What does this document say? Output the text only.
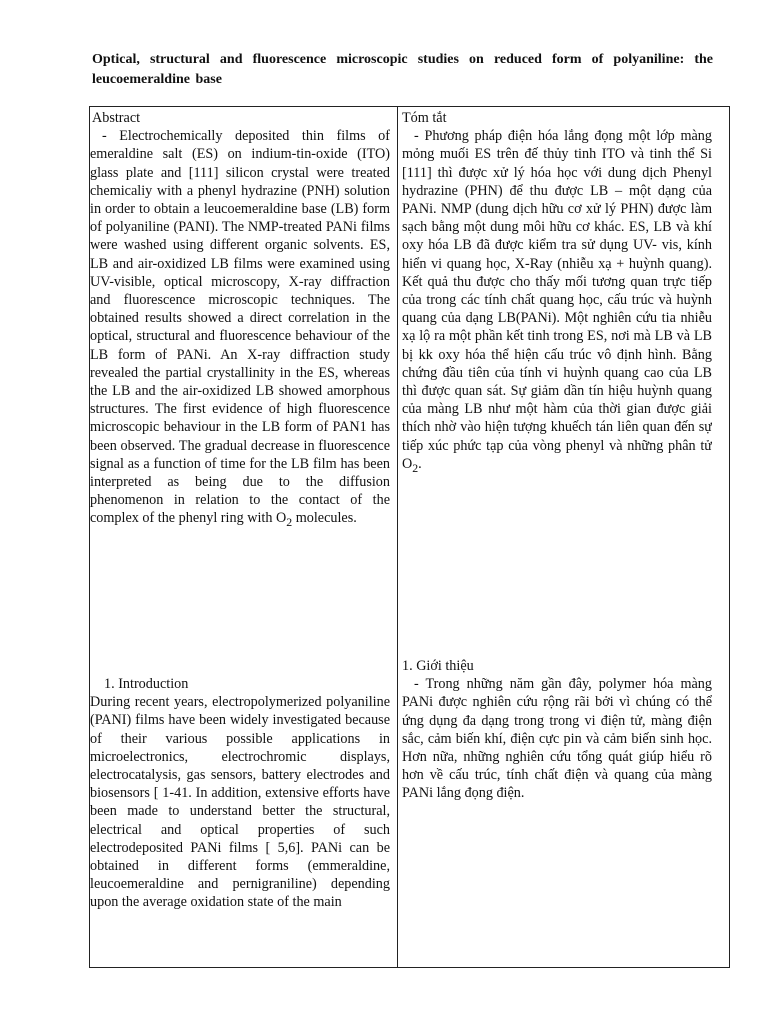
Optical, structural and fluorescence microscopic studies on reduced form of polyaniline: the leucoemeraldine base
Abstract

- Electrochemically deposited thin films of emeraldine salt (ES) on indium-tin-oxide (ITO) glass plate and [111] silicon crystal were treated chemicaliy with a phenyl hydrazine (PNH) solution in order to obtain a leucoemeraldine base (LB) form of polyaniline (PANI). The NMP-treated PANi films were washed using different organic solvents. ES, LB and air-oxidized LB films were examined using UV-visible, optical microscopy, X-ray diffraction and fluorescence microscopic techniques. The obtained results showed a direct correlation in the optical, structural and fluorescence behaviour of the LB form of PANi. An X-ray diffraction study revealed the partial crystallinity in the ES, whereas the LB and the air-oxidized LB showed amorphous structures. The first evidence of high fluorescence microscopic behaviour in the LB form of PAN1 has been observed. The gradual decrease in fluorescence signal as a function of time for the LB film has been interpreted as being due to the diffusion phenomenon in relation to the contact of the complex of the phenyl ring with $O_2$ molecules.

1. Introduction

During recent years, electropolymerized polyaniline (PANI) films have been widely investigated because of their various possible applications in microelectronics, electrochromic displays, electrocatalysis, gas sensors, battery electrodes and biosensors [ 1-41. In addition, extensive efforts have been made to understand better the structural, electrical and optical properties of such electrodeposited PANi films [ 5,6]. PANi can be obtained in different forms (emmeraldine, leucoemeraldine and pernigraniline) depending upon the average oxidation state of the main

Tóm tắt

- Phương pháp điện hóa lắng đọng một lớp màng mỏng muối ES trên đế thủy tinh ITO và tinh thể Si [111] thì được xử lý hóa học với dung dịch Phenyl hydrazine (PHN) để thu được LB – một dạng của PANi. NMP (dung dịch hữu cơ xử lý PHN) được làm sạch bằng một dung môi hữu cơ khác. ES, LB và khí oxy hóa LB đã được kiểm tra sử dụng UV- vis, kính hiển vi quang học, X-Ray (nhiễu xạ + huỳnh quang). Kết quả thu được cho thấy mối tương quan trực tiếp của trong các tính chất quang học, cấu trúc và huỳnh quang của dạng LB(PANi). Một nghiên cứu tia nhiễu xạ lộ ra một phần kết tinh trong ES, nơi mà LB và LB bị kk oxy hóa thể hiện cấu trúc vô định hình. Bằng chứng đầu tiên của tính vi huỳnh quang cao của LB thì được quan sát. Sự giảm dần tín hiệu huỳnh quang của màng LB như một hàm của thời gian được giải thích nhờ vào hiện tượng khuếch tán liên quan đến sự tiếp xúc phức tạp của vòng phenyl và những phân tử $O_2$.

1. Giới thiệu

- Trong những năm gần đây, polymer hóa màng PANi được nghiên cứu rộng rãi bởi vì chúng có thể ứng dụng đa dạng trong trong vi điện tử, màng điện sắc, cảm biến khí, điện cực pin và cảm biến sinh học. Hơn nữa, những nghiên cứu tổng quát giúp hiểu rõ hơn về cấu trúc, tính chất điện và quang của màng PANi lắng đọng điện.
